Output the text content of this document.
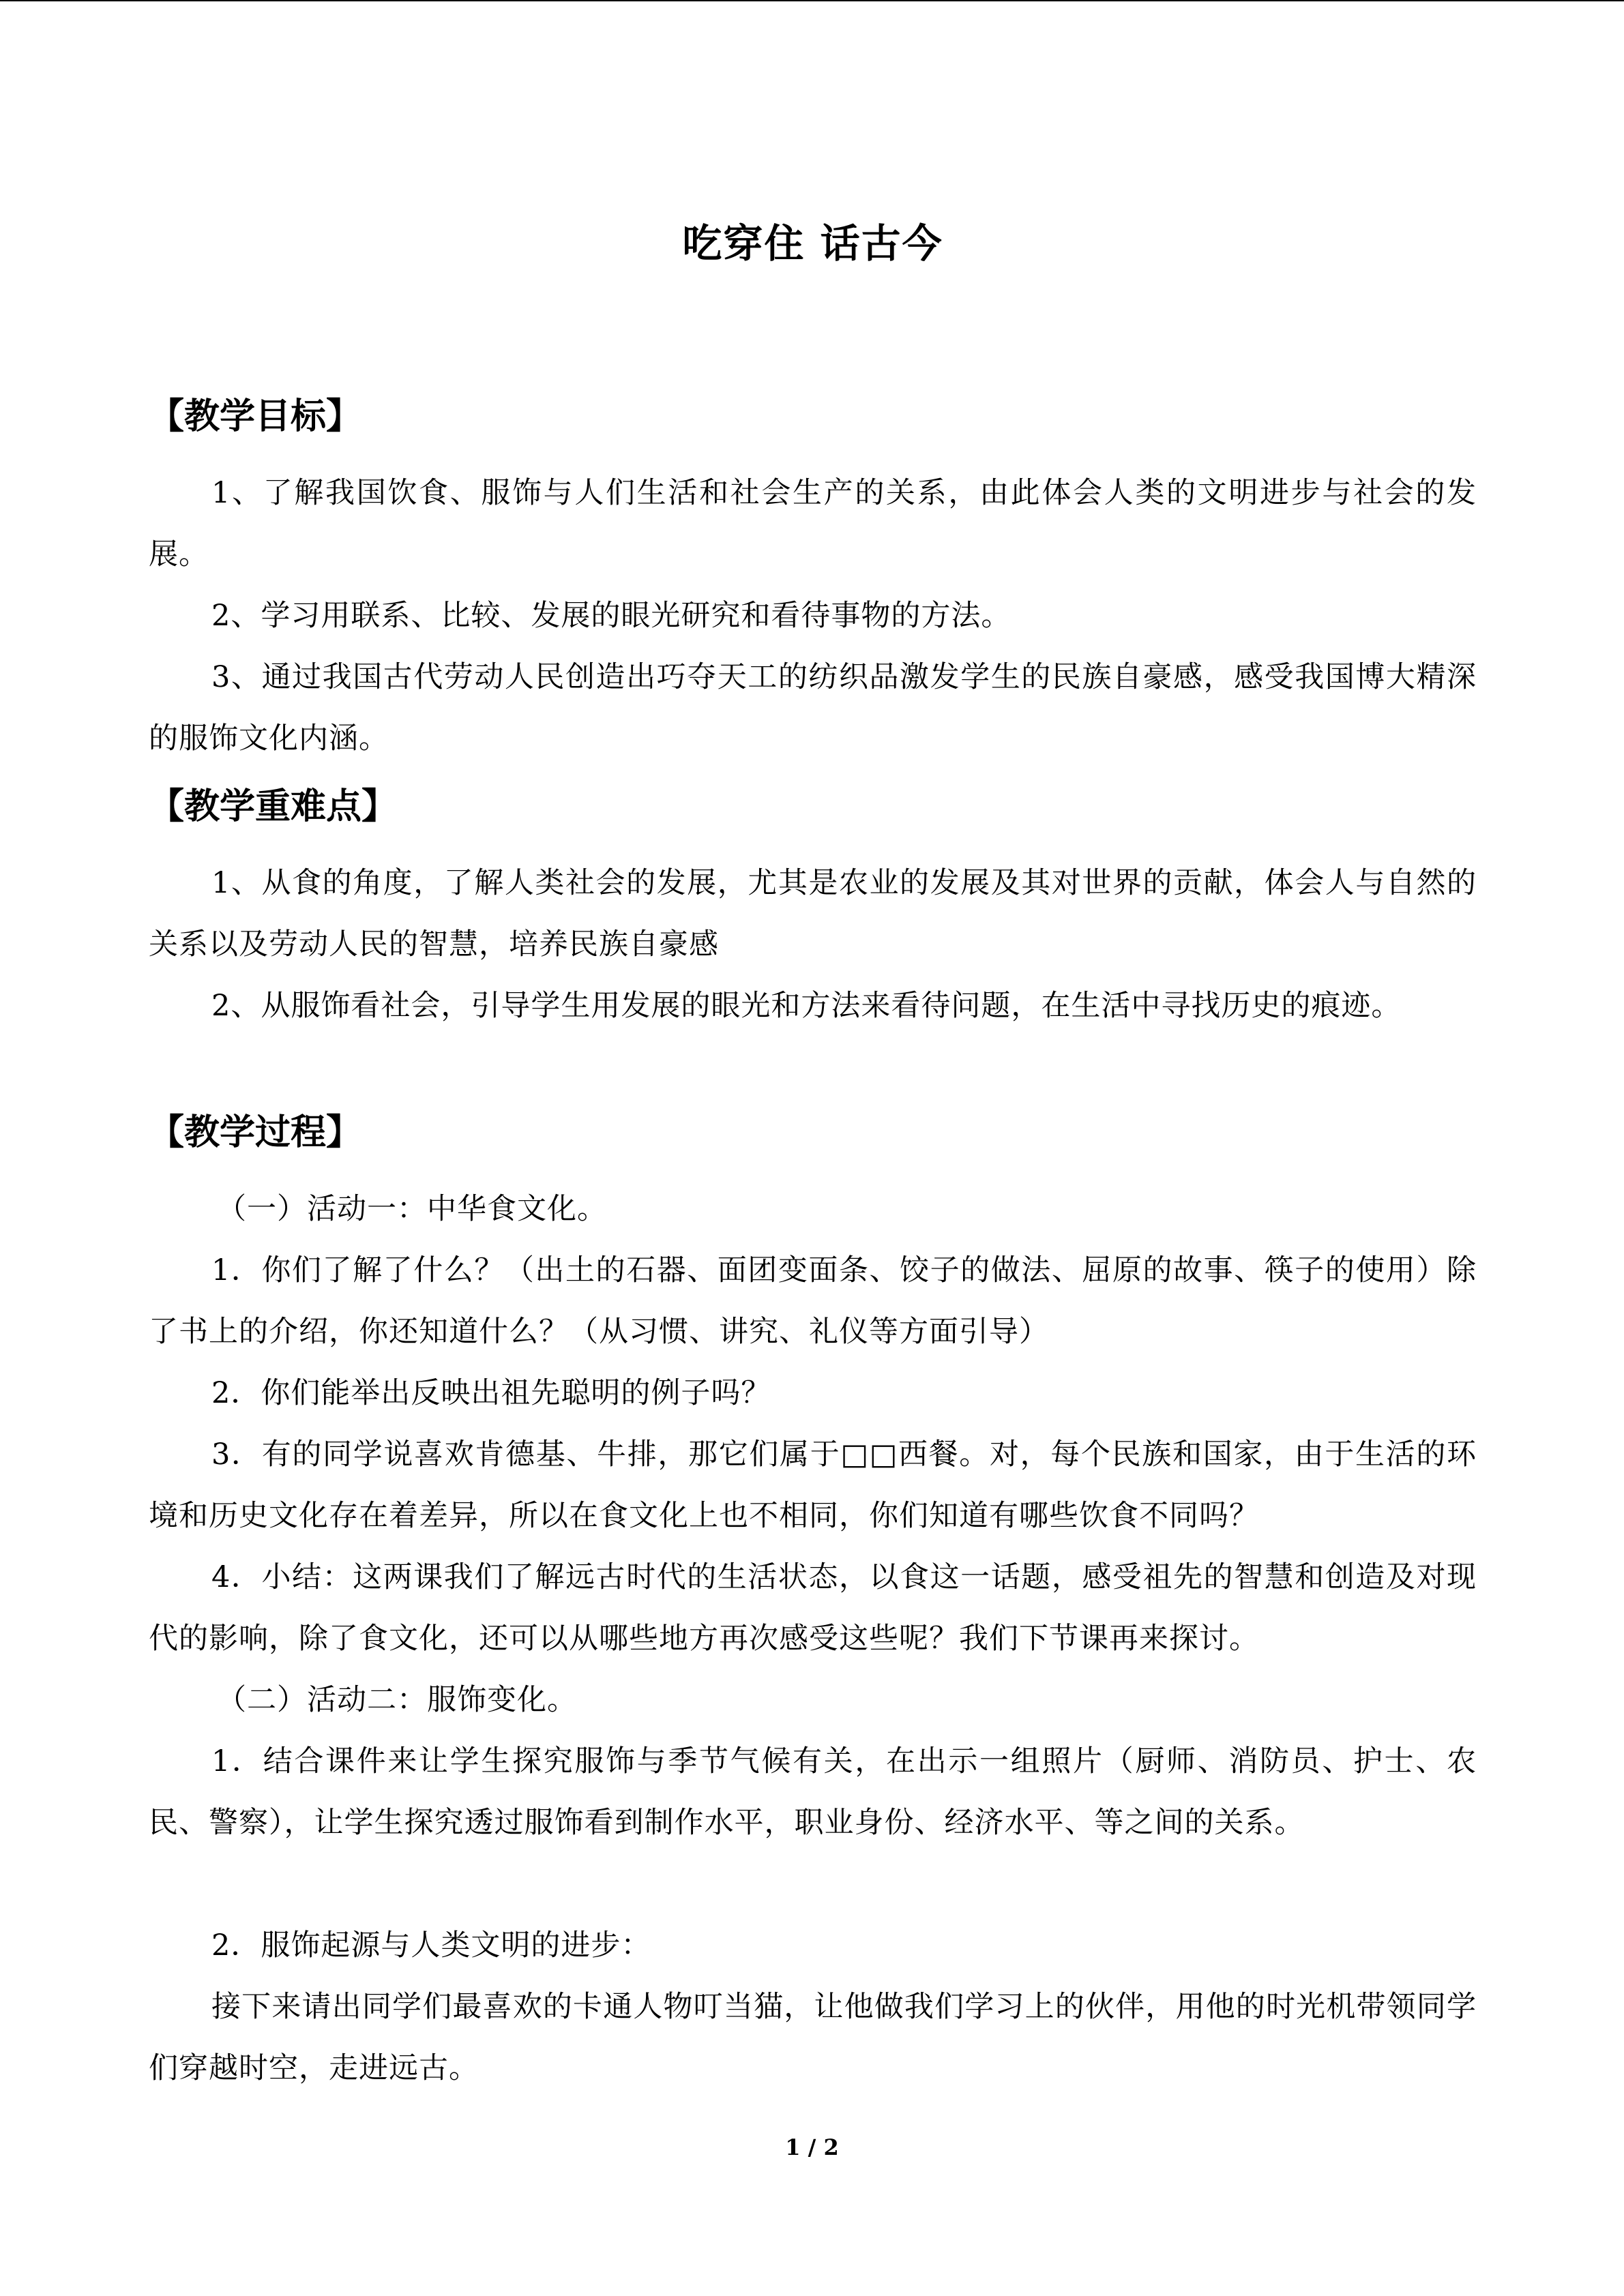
吃穿住 话古今
【教学目标】
1、了解我国饮食、服饰与人们生活和社会生产的关系，由此体会人类的文明进步与社会的发展。
2、学习用联系、比较、发展的眼光研究和看待事物的方法。
3、通过我国古代劳动人民创造出巧夺天工的纺织品激发学生的民族自豪感，感受我国博大精深的服饰文化内涵。
【教学重难点】
1、从食的角度，了解人类社会的发展，尤其是农业的发展及其对世界的贡献，体会人与自然的关系以及劳动人民的智慧，培养民族自豪感
2、从服饰看社会，引导学生用发展的眼光和方法来看待问题，在生活中寻找历史的痕迹。
【教学过程】
（一）活动一：中华食文化。
1．你们了解了什么？（出土的石器、面团变面条、饺子的做法、屈原的故事、筷子的使用）除了书上的介绍，你还知道什么？（从习惯、讲究、礼仪等方面引导）
2．你们能举出反映出祖先聪明的例子吗？
3．有的同学说喜欢肯德基、牛排，那它们属于□□西餐。对，每个民族和国家，由于生活的环境和历史文化存在着差异，所以在食文化上也不相同，你们知道有哪些饮食不同吗？
4．小结：这两课我们了解远古时代的生活状态，以食这一话题，感受祖先的智慧和创造及对现代的影响，除了食文化，还可以从哪些地方再次感受这些呢？我们下节课再来探讨。
（二）活动二：服饰变化。
1．结合课件来让学生探究服饰与季节气候有关，在出示一组照片（厨师、消防员、护士、农民、警察），让学生探究透过服饰看到制作水平，职业身份、经济水平、等之间的关系。
2．服饰起源与人类文明的进步：
接下来请出同学们最喜欢的卡通人物叮当猫，让他做我们学习上的伙伴，用他的时光机带领同学们穿越时空，走进远古。
1 / 2
